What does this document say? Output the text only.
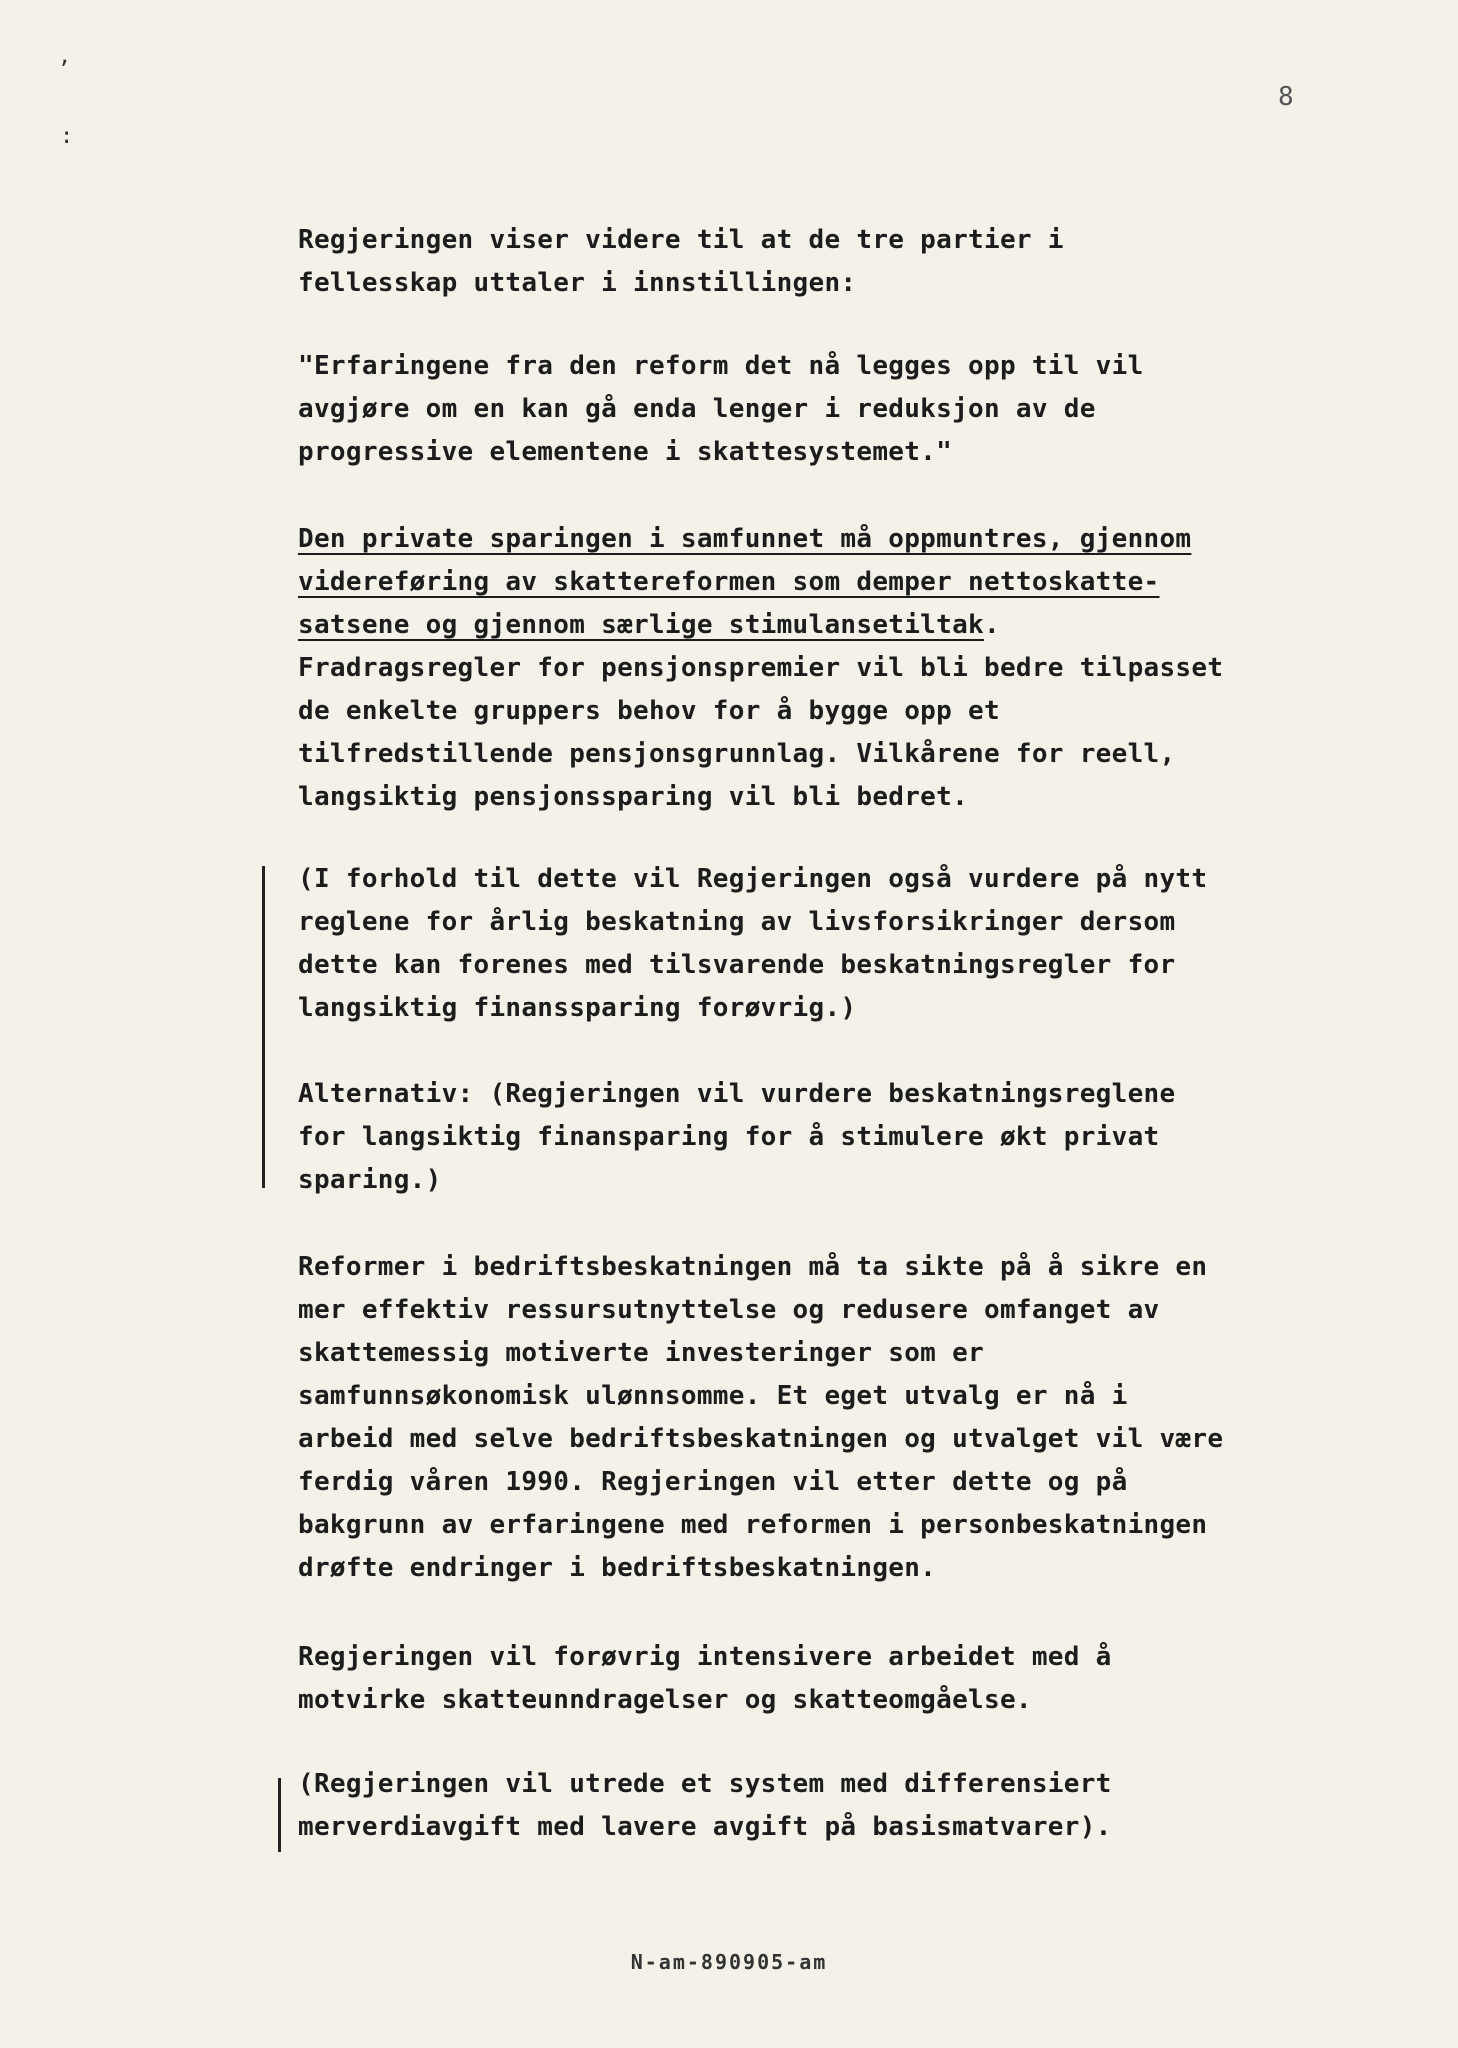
8
,
:
Regjeringen viser videre til at de tre partier i
fellesskap uttaler i innstillingen:
"Erfaringene fra den reform det nå legges opp til vil
avgjøre om en kan gå enda lenger i reduksjon av de
progressive elementene i skattesystemet."
Den private sparingen i samfunnet må oppmuntres, gjennom
videreføring av skattereformen som demper nettoskatte-
satsene og gjennom særlige stimulansetiltak.
Fradragsregler for pensjonspremier vil bli bedre tilpasset
de enkelte gruppers behov for å bygge opp et
tilfredstillende pensjonsgrunnlag. Vilkårene for reell,
langsiktig pensjonssparing vil bli bedret.
(I forhold til dette vil Regjeringen også vurdere på nytt
reglene for årlig beskatning av livsforsikringer dersom
dette kan forenes med tilsvarende beskatningsregler for
langsiktig finanssparing forøvrig.)
Alternativ: (Regjeringen vil vurdere beskatningsreglene
for langsiktig finansparing for å stimulere økt privat
sparing.)
Reformer i bedriftsbeskatningen må ta sikte på å sikre en
mer effektiv ressursutnyttelse og redusere omfanget av
skattemessig motiverte investeringer som er
samfunnsøkonomisk ulønnsomme. Et eget utvalg er nå i
arbeid med selve bedriftsbeskatningen og utvalget vil være
ferdig våren 1990. Regjeringen vil etter dette og på
bakgrunn av erfaringene med reformen i personbeskatningen
drøfte endringer i bedriftsbeskatningen.
Regjeringen vil forøvrig intensivere arbeidet med å
motvirke skatteunndragelser og skatteomgåelse.
(Regjeringen vil utrede et system med differensiert
merverdiavgift med lavere avgift på basismatvarer).
N-am-890905-am
